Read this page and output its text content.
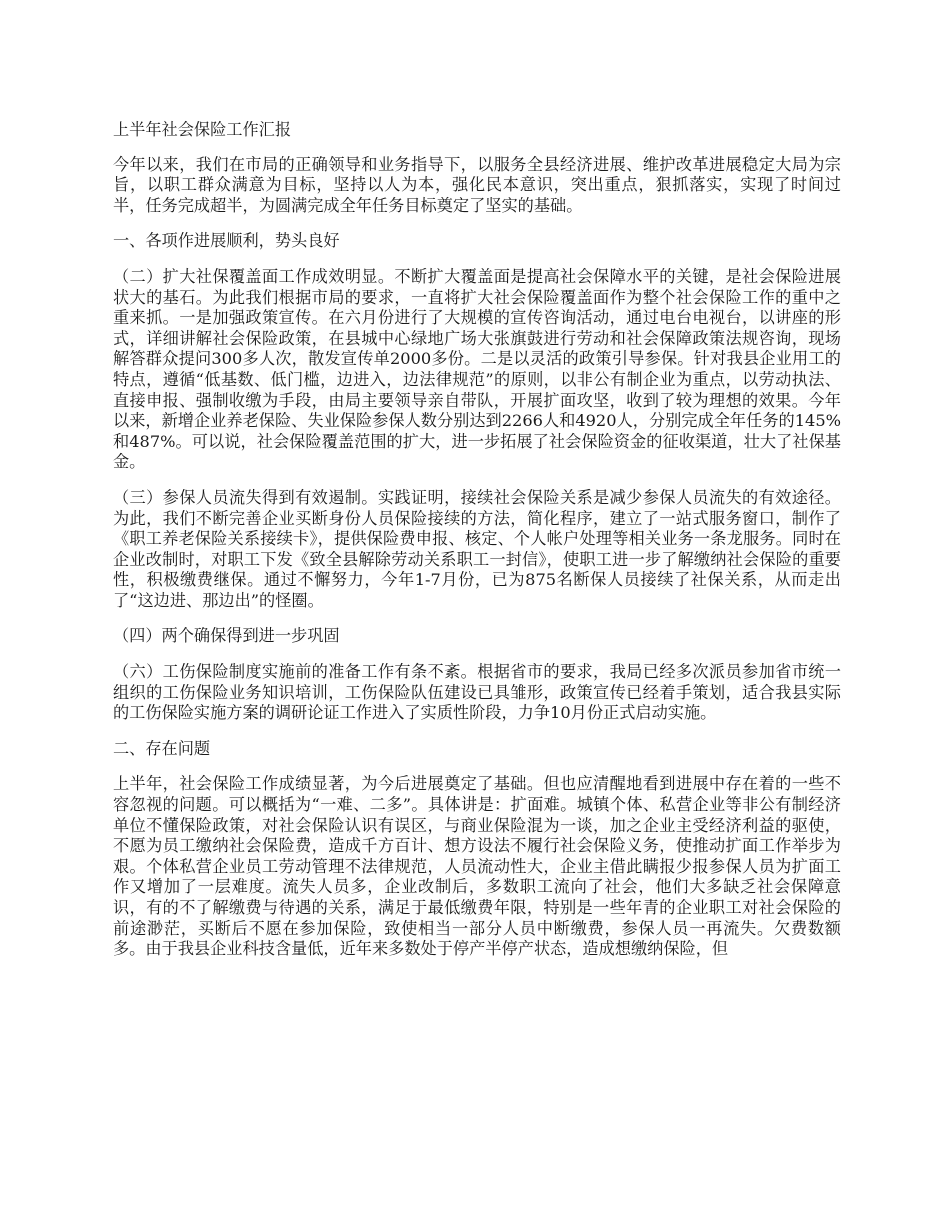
上半年社会保险工作汇报

今年以来，我们在市局的正确领导和业务指导下，以服务全县经济进展、维护改革进展稳定大局为宗旨，以职工群众满意为目标，坚持以人为本，强化民本意识，突出重点，狠抓落实，实现了时间过半，任务完成超半，为圆满完成全年任务目标奠定了坚实的基础。

一、各项作进展顺利，势头良好

（二）扩大社保覆盖面工作成效明显。不断扩大覆盖面是提高社会保障水平的关键，是社会保险进展状大的基石。为此我们根据市局的要求，一直将扩大社会保险覆盖面作为整个社会保险工作的重中之重来抓。一是加强政策宣传。在六月份进行了大规模的宣传咨询活动，通过电台电视台，以讲座的形式，详细讲解社会保险政策，在县城中心绿地广场大张旗鼓进行劳动和社会保障政策法规咨询，现场解答群众提问300多人次，散发宣传单2000多份。二是以灵活的政策引导参保。针对我县企业用工的特点，遵循“低基数、低门槛，边进入，边法律规范”的原则，以非公有制企业为重点，以劳动执法、直接申报、强制收缴为手段，由局主要领导亲自带队，开展扩面攻坚，收到了较为理想的效果。今年以来，新增企业养老保险、失业保险参保人数分别达到2266人和4920人，分别完成全年任务的145%和487%。可以说，社会保险覆盖范围的扩大，进一步拓展了社会保险资金的征收渠道，壮大了社保基金。

（三）参保人员流失得到有效遏制。实践证明，接续社会保险关系是减少参保人员流失的有效途径。为此，我们不断完善企业买断身份人员保险接续的方法，简化程序，建立了一站式服务窗口，制作了《职工养老保险关系接续卡》，提供保险费申报、核定、个人帐户处理等相关业务一条龙服务。同时在企业改制时，对职工下发《致全县解除劳动关系职工一封信》，使职工进一步了解缴纳社会保险的重要性，积极缴费继保。通过不懈努力，今年1-7月份，已为875名断保人员接续了社保关系，从而走出了“这边进、那边出”的怪圈。

（四）两个确保得到进一步巩固

（六）工伤保险制度实施前的准备工作有条不紊。根据省市的要求，我局已经多次派员参加省市统一组织的工伤保险业务知识培训，工伤保险队伍建设已具雏形，政策宣传已经着手策划，适合我县实际的工伤保险实施方案的调研论证工作进入了实质性阶段，力争10月份正式启动实施。

二、存在问题

上半年，社会保险工作成绩显著，为今后进展奠定了基础。但也应清醒地看到进展中存在着的一些不容忽视的问题。可以概括为“一难、二多”。具体讲是：扩面难。城镇个体、私营企业等非公有制经济单位不懂保险政策，对社会保险认识有误区，与商业保险混为一谈，加之企业主受经济利益的驱使，不愿为员工缴纳社会保险费，造成千方百计、想方设法不履行社会保险义务，使推动扩面工作举步为艰。个体私营企业员工劳动管理不法律规范，人员流动性大，企业主借此瞒报少报参保人员为扩面工作又增加了一层难度。流失人员多，企业改制后，多数职工流向了社会，他们大多缺乏社会保障意识，有的不了解缴费与待遇的关系，满足于最低缴费年限，特别是一些年青的企业职工对社会保险的前途渺茫，买断后不愿在参加保险，致使相当一部分人员中断缴费，参保人员一再流失。欠费数额多。由于我县企业科技含量低，近年来多数处于停产半停产状态，造成想缴纳保险，但
